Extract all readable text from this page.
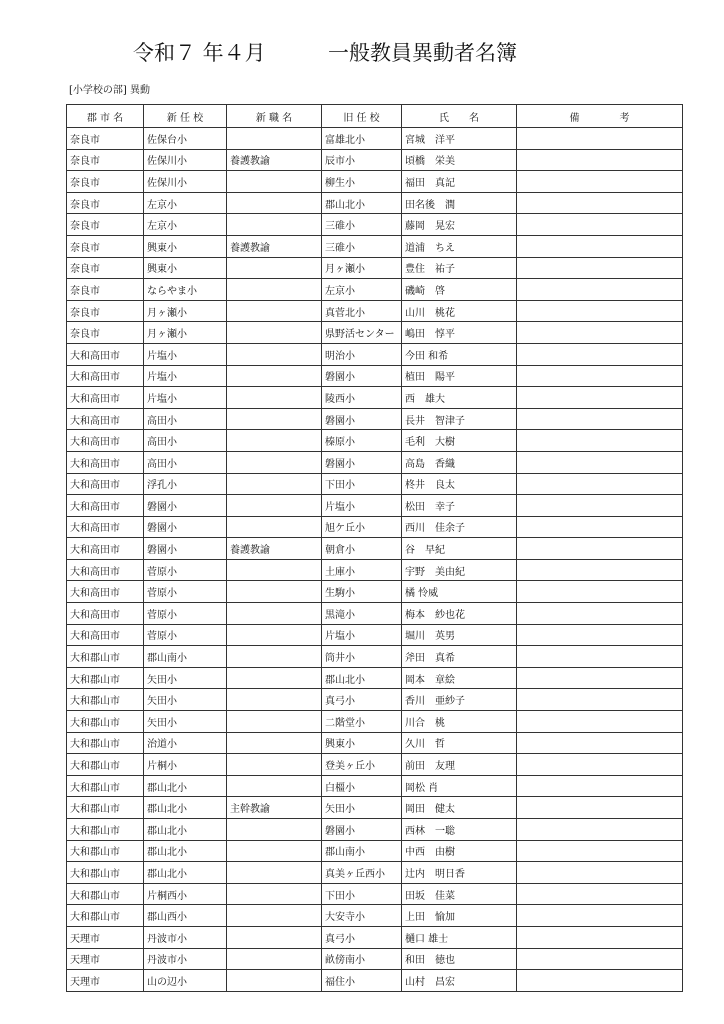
令和７ 年４月	一般教員異動者名簿
[小学校の部] 異動
郡 市 名	新 任 校	新 職 名	旧 任 校	氏　　名	備　　　　考
奈良市	佐保台小		富雄北小	宮城　洋平	
奈良市	佐保川小	養護教諭	辰市小	頃橋　栄美	
奈良市	佐保川小		柳生小	福田　真記	
奈良市	左京小		郡山北小	田名後　潤	
奈良市	左京小		三碓小	藤岡　晃宏	
奈良市	興東小	養護教諭	三碓小	道浦　ちえ	
奈良市	興東小		月ヶ瀬小	豊住　祐子	
奈良市	ならやま小		左京小	磯崎　啓	
奈良市	月ヶ瀬小		真菅北小	山川　桃花	
奈良市	月ヶ瀬小		県野活センター	嶋田　惇平	
大和高田市	片塩小		明治小	今田 和希	
大和高田市	片塩小		磐園小	植田　陽平	
大和高田市	片塩小		陵西小	西　雄大	
大和高田市	高田小		磐園小	長井　智津子	
大和高田市	高田小		榛原小	毛利　大樹	
大和高田市	高田小		磐園小	高島　香織	
大和高田市	浮孔小		下田小	柊井　良太	
大和高田市	磐園小		片塩小	松田　幸子	
大和高田市	磐園小		旭ケ丘小	西川　佳余子	
大和高田市	磐園小	養護教諭	朝倉小	谷　早紀	
大和高田市	菅原小		土庫小	宇野　美由紀	
大和高田市	菅原小		生駒小	橘 怜威	
大和高田市	菅原小		黒滝小	梅本　紗也花	
大和高田市	菅原小		片塩小	堀川　英男	
大和郡山市	郡山南小		筒井小	斧田　真希	
大和郡山市	矢田小		郡山北小	岡本　章絵	
大和郡山市	矢田小		真弓小	香川　亜紗子	
大和郡山市	矢田小		二階堂小	川合　桃	
大和郡山市	治道小		興東小	久川　哲	
大和郡山市	片桐小		登美ヶ丘小	前田　友理	
大和郡山市	郡山北小		白橿小	岡松 肖	
大和郡山市	郡山北小	主幹教諭	矢田小	岡田　健太	
大和郡山市	郡山北小		磐園小	西林　一聡	
大和郡山市	郡山北小		郡山南小	中西　由樹	
大和郡山市	郡山北小		真美ヶ丘西小	辻内　明日香	
大和郡山市	片桐西小		下田小	田坂　佳菜	
大和郡山市	郡山西小		大安寺小	上田　愉加	
天理市	丹波市小		真弓小	樋口 雄士	
天理市	丹波市小		畝傍南小	和田　徳也	
天理市	山の辺小		福住小	山村　昌宏	
